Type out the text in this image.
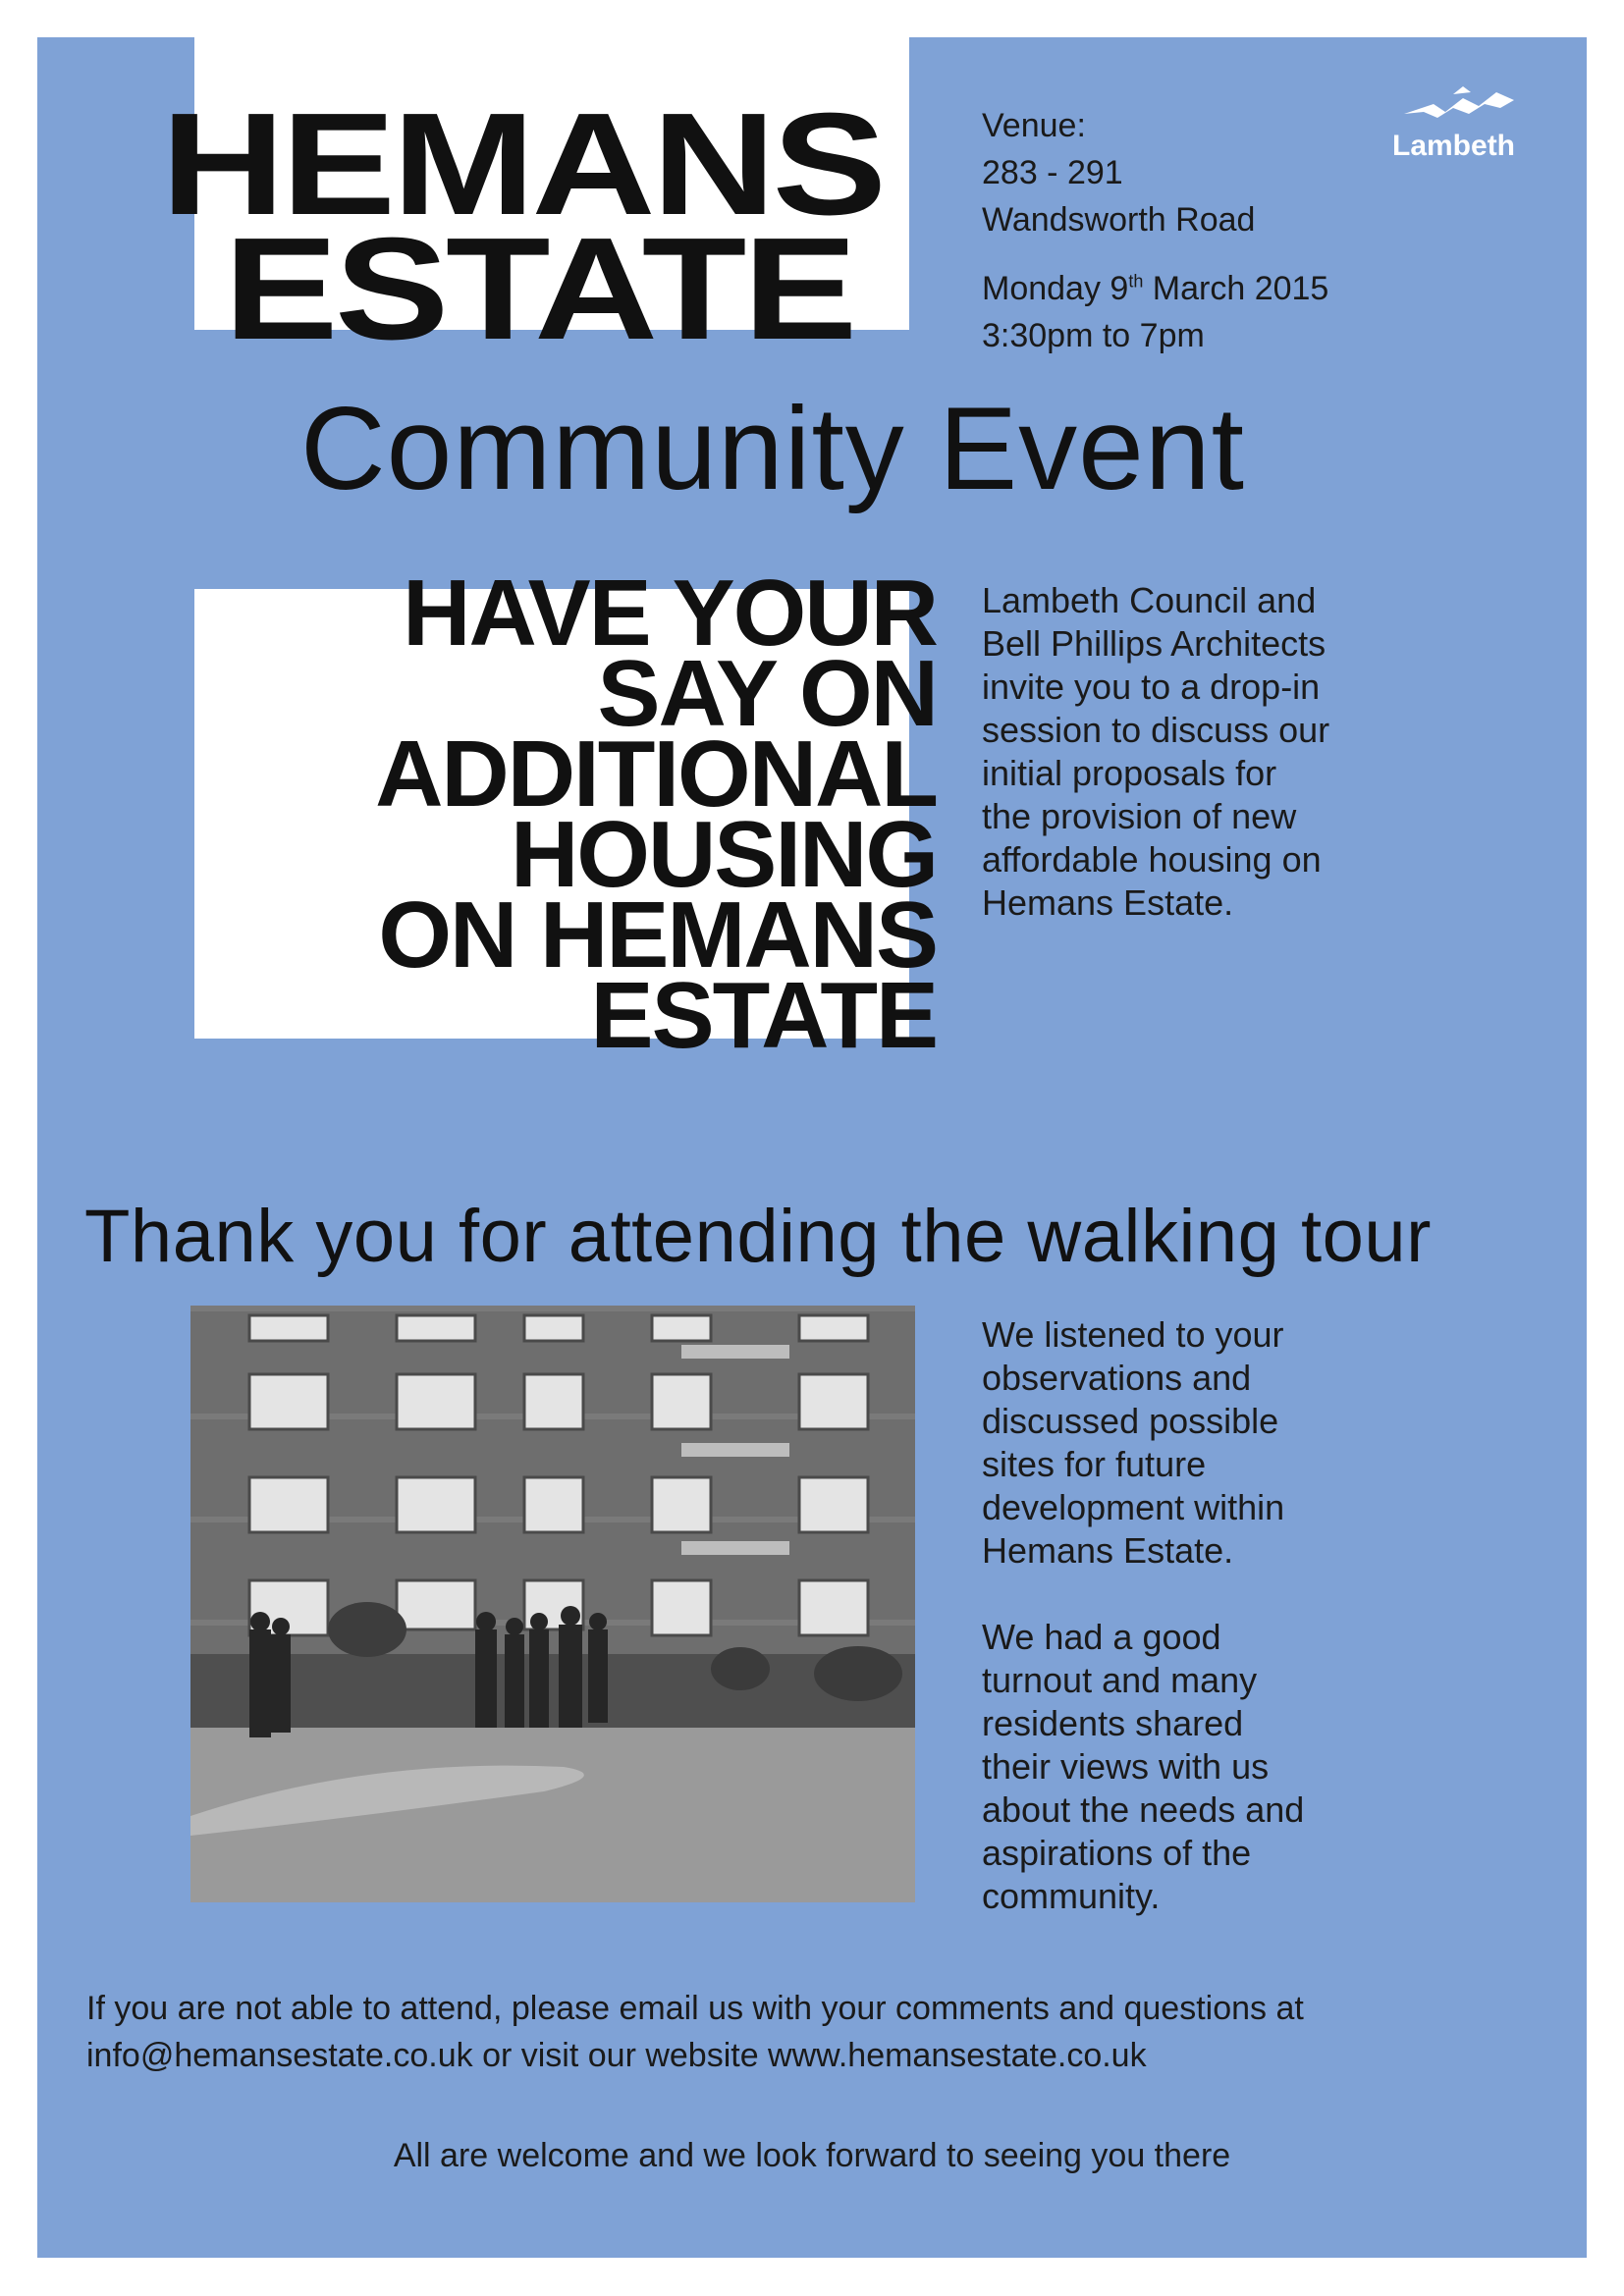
HEMANS
ESTATE
Venue:
283 - 291
Wandsworth Road
Monday 9th March 2015
3:30pm to 7pm
Lambeth
Community Event
HAVE YOUR
SAY ON
ADDITIONAL
HOUSING
ON HEMANS
ESTATE
Lambeth Council and
Bell Phillips Architects
invite you to a drop-in
session to discuss our
initial proposals for
the provision of new
affordable housing on
Hemans Estate.
Thank you for attending the walking tour
We listened to your
observations and
discussed possible
sites for future
development within
Hemans Estate.
We had a good
turnout and many
residents shared
their views with us
about the needs and
aspirations of the
community.
If you are not able to attend, please email us with your comments and questions at
info@hemansestate.co.uk or visit our website www.hemansestate.co.uk
All are welcome and we look forward to seeing you there
